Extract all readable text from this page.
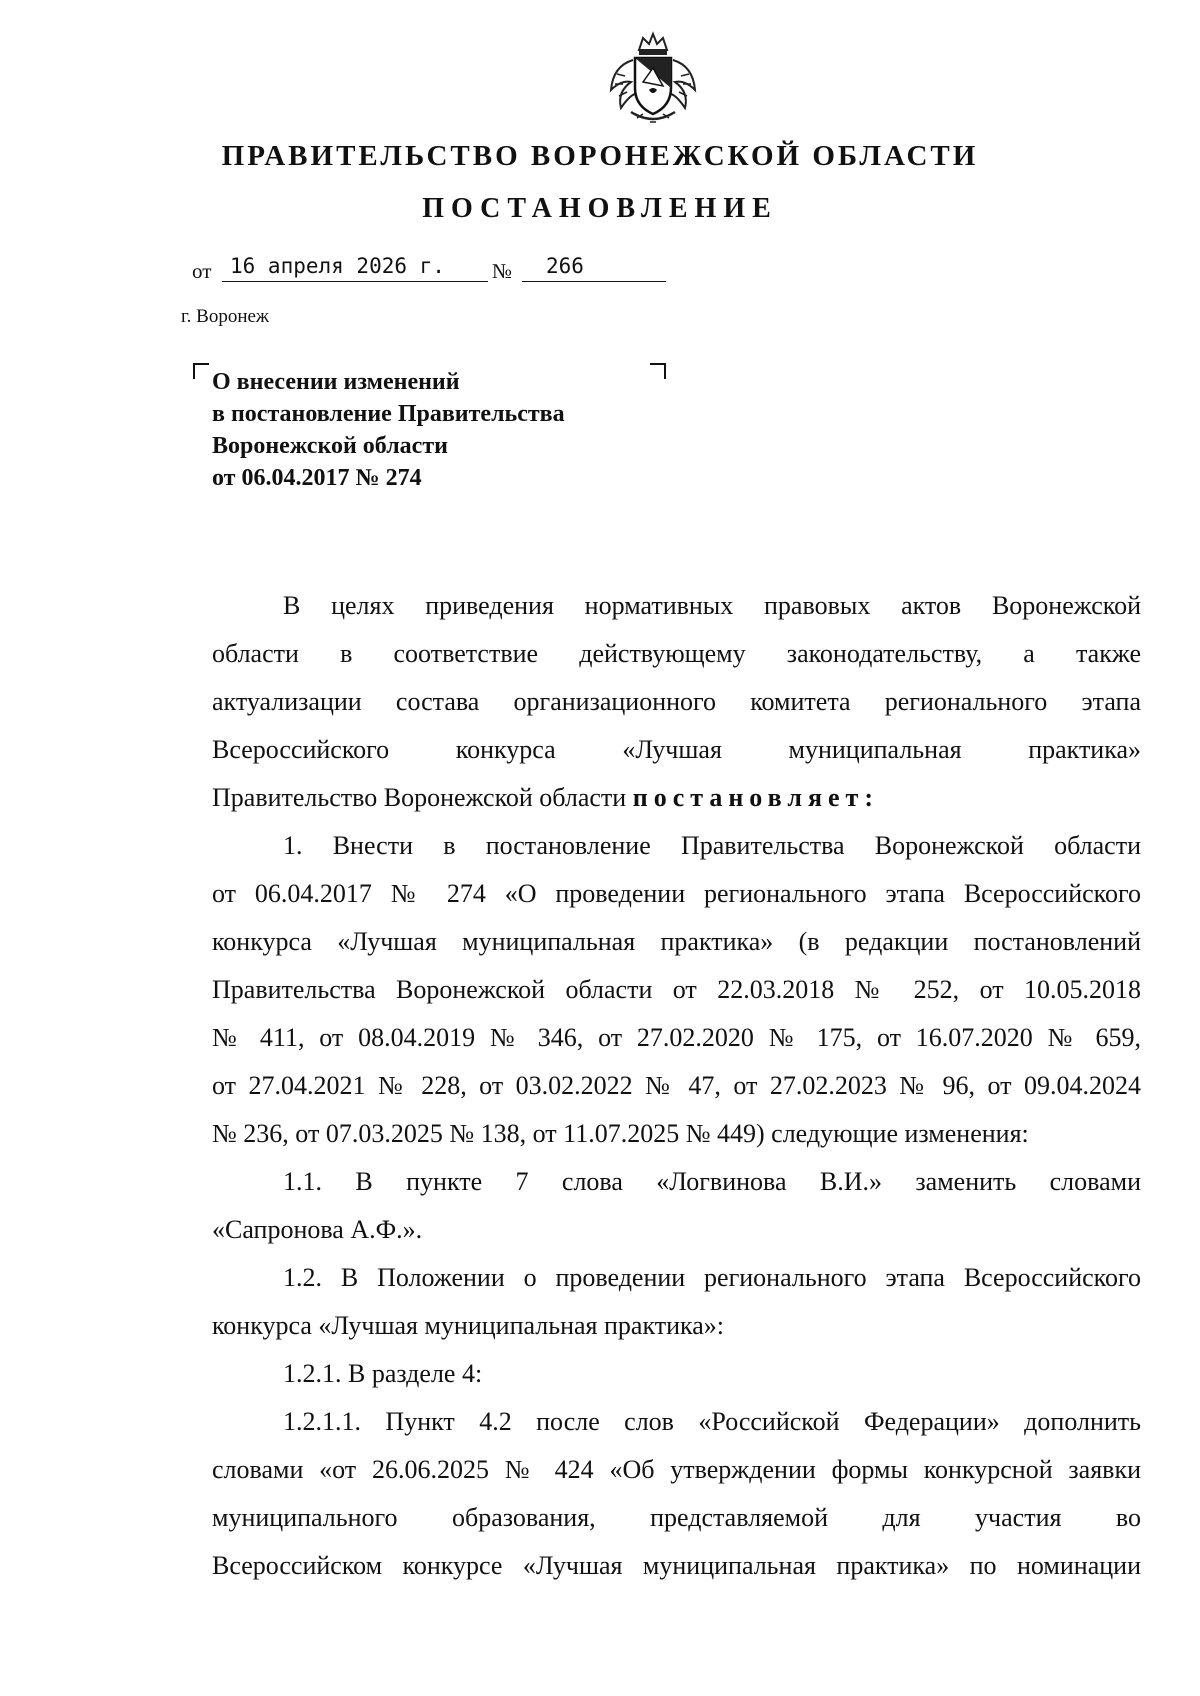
ПРАВИТЕЛЬСТВО ВОРОНЕЖСКОЙ ОБЛАСТИ
ПОСТАНОВЛЕНИЕ
от 16 апреля 2026 г. № 266
г. Воронеж
О внесении изменений
в постановление Правительства
Воронежской области
от 06.04.2017 № 274

В целях приведения нормативных правовых актов Воронежской

области в соответствие действующему законодательству, а также

актуализации состава организационного комитета регионального этапа

Всероссийского конкурса «Лучшая муниципальная практика»

Правительство Воронежской области постановляет:

1. Внести в постановление Правительства Воронежской области

от 06.04.2017 № 274 «О проведении регионального этапа Всероссийского

конкурса «Лучшая муниципальная практика» (в редакции постановлений

Правительства Воронежской области от 22.03.2018 № 252, от 10.05.2018

№ 411, от 08.04.2019 № 346, от 27.02.2020 № 175, от 16.07.2020 № 659,

от 27.04.2021 № 228, от 03.02.2022 № 47, от 27.02.2023 № 96, от 09.04.2024

№ 236, от 07.03.2025 № 138, от 11.07.2025 № 449) следующие изменения:

1.1. В пункте 7 слова «Логвинова В.И.» заменить словами

«Сапронова А.Ф.».

1.2. В Положении о проведении регионального этапа Всероссийского

конкурса «Лучшая муниципальная практика»:

1.2.1. В разделе 4:

1.2.1.1. Пункт 4.2 после слов «Российской Федерации» дополнить

словами «от 26.06.2025 № 424 «Об утверждении формы конкурсной заявки

муниципального образования, представляемой для участия во

Всероссийском конкурсе «Лучшая муниципальная практика» по номинации
